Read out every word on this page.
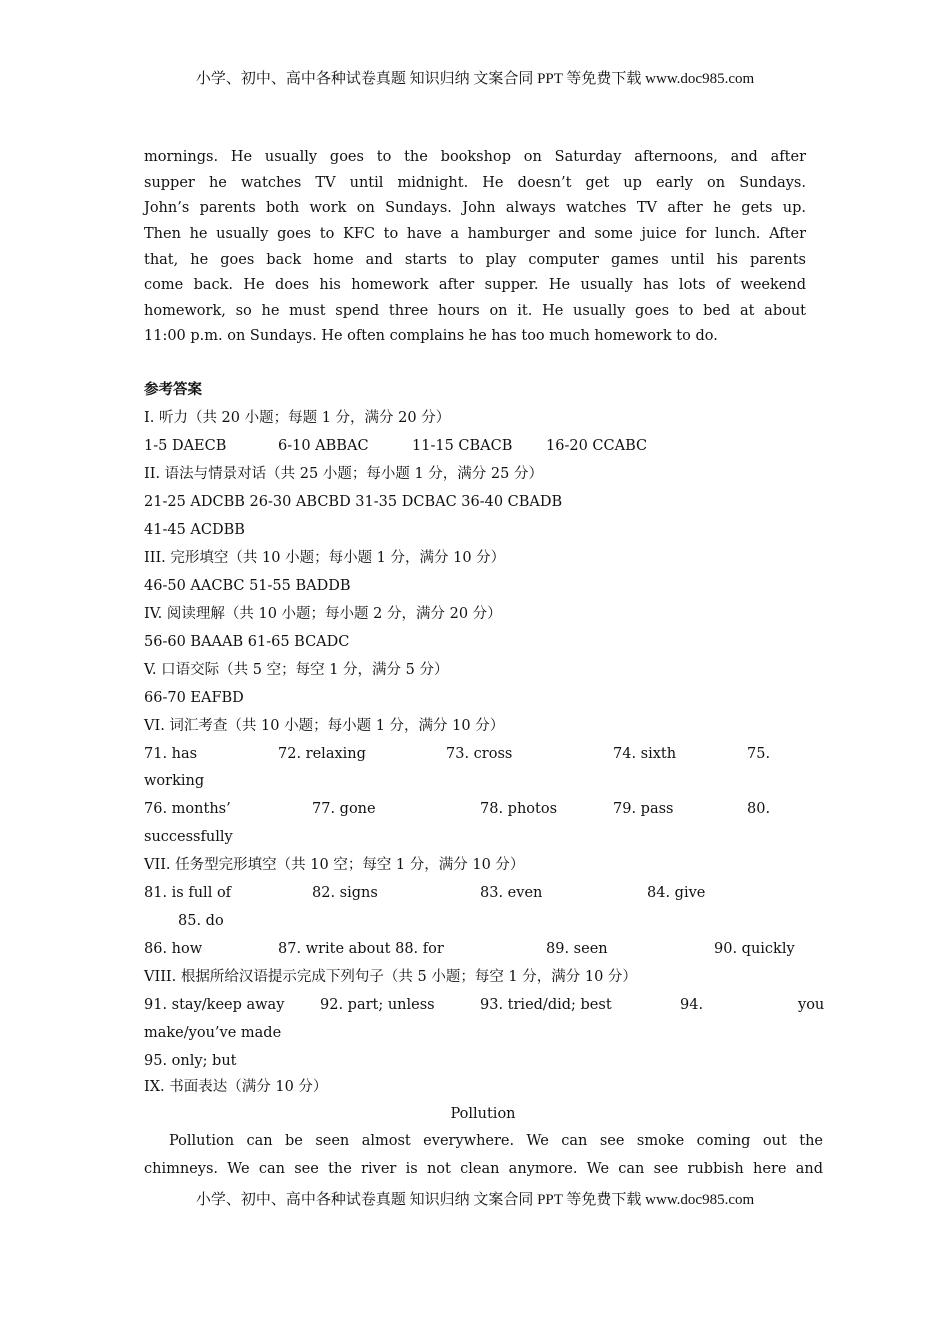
小学、初中、高中各种试卷真题 知识归纳 文案合同 PPT 等免费下载 www.doc985.com
mornings. He usually goes to the bookshop on Saturday afternoons, and after
supper he watches TV until midnight. He doesn’t get up early on Sundays.
John’s parents both work on Sundays. John always watches TV after he gets up.
Then he usually goes to KFC to have a hamburger and some juice for lunch. After
that, he goes back home and starts to play computer games until his parents
come back. He does his homework after supper. He usually has lots of weekend
homework, so he must spend three hours on it. He usually goes to bed at about
11:00 p.m. on Sundays. He often complains he has too much homework to do.
参考答案
I. 听力（共 20 小题；每题 1 分，满分 20 分）
1-5 DAECB	6-10 ABBAC	11-15 CBACB 16-20 CCABC
II. 语法与情景对话（共 25 小题；每小题 1 分，满分 25 分）
21-25 ADCBB 26-30 ABCBD 31-35 DCBAC 36-40 CBADB
41-45 ACDBB
III. 完形填空（共 10 小题；每小题 1 分，满分 10 分）
46-50 AACBC 51-55 BADDB
IV. 阅读理解（共 10 小题；每小题 2 分，满分 20 分）
56-60 BAAAB 61-65 BCADC
V. 口语交际（共 5 空；每空 1 分，满分 5 分）
66-70 EAFBD
VI. 词汇考查（共 10 小题；每小题 1 分，满分 10 分）
71. has	72. relaxing	73. cross	74. sixth	75.
working
76. months’	77. gone	78. photos	79. pass	80.
successfully
VII. 任务型完形填空（共 10 空；每空 1 分，满分 10 分）
81. is full of	82. signs	83. even	84. give
85. do
86. how	87. write about 88. for	89. seen	90. quickly
VIII. 根据所给汉语提示完成下列句子（共 5 小题；每空 1 分，满分 10 分）
91. stay/keep away 92. part; unless	93. tried/did; best	94.	you
make/you’ve made
95. only; but
IX. 书面表达（满分 10 分）
Pollution
Pollution can be seen almost everywhere. We can see smoke coming out the
chimneys. We can see the river is not clean anymore. We can see rubbish here and
小学、初中、高中各种试卷真题 知识归纳 文案合同 PPT 等免费下载 www.doc985.com
